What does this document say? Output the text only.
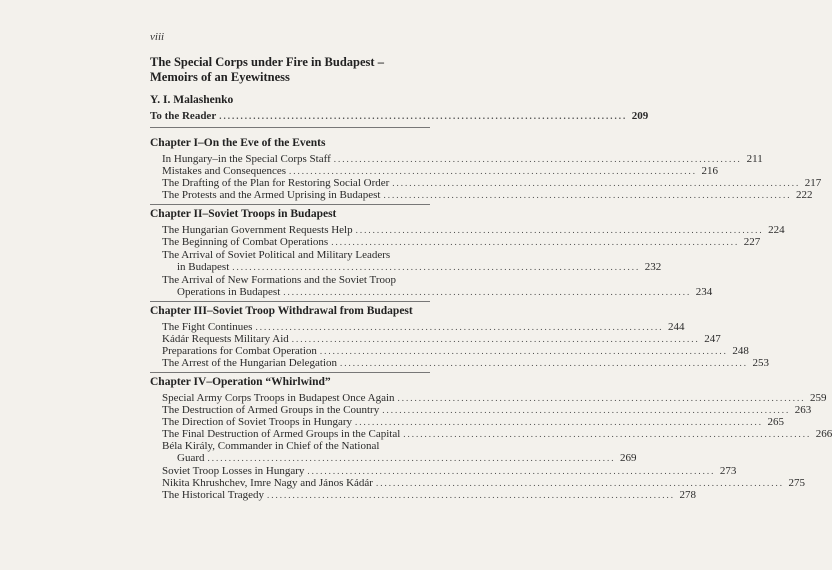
viii
The Special Corps under Fire in Budapest –
Memoirs of an Eyewitness
Y. I. Malashenko
To the Reader ................................................................................................ 209
Chapter I–On the Eve of the Events
In Hungary–in the Special Corps Staff ................................................................................................ 211
Mistakes and Consequences ................................................................................................ 216
The Drafting of the Plan for Restoring Social Order ................................................................................................ 217
The Protests and the Armed Uprising in Budapest ................................................................................................ 222
Chapter II–Soviet Troops in Budapest
The Hungarian Government Requests Help ................................................................................................ 224
The Beginning of Combat Operations ................................................................................................ 227
The Arrival of Soviet Political and Military Leaders
in Budapest ................................................................................................ 232
The Arrival of New Formations and the Soviet Troop
Operations in Budapest ................................................................................................ 234
Chapter III–Soviet Troop Withdrawal from Budapest
The Fight Continues ................................................................................................ 244
Kádár Requests Military Aid ................................................................................................ 247
Preparations for Combat Operation ................................................................................................ 248
The Arrest of the Hungarian Delegation ................................................................................................ 253
Chapter IV–Operation “Whirlwind”
Special Army Corps Troops in Budapest Once Again ................................................................................................ 259
The Destruction of Armed Groups in the Country ................................................................................................ 263
The Direction of Soviet Troops in Hungary ................................................................................................ 265
The Final Destruction of Armed Groups in the Capital ................................................................................................ 266
Béla Király, Commander in Chief of the National
Guard ................................................................................................ 269
Soviet Troop Losses in Hungary ................................................................................................ 273
Nikita Khrushchev, Imre Nagy and János Kádár ................................................................................................ 275
The Historical Tragedy ................................................................................................ 278
